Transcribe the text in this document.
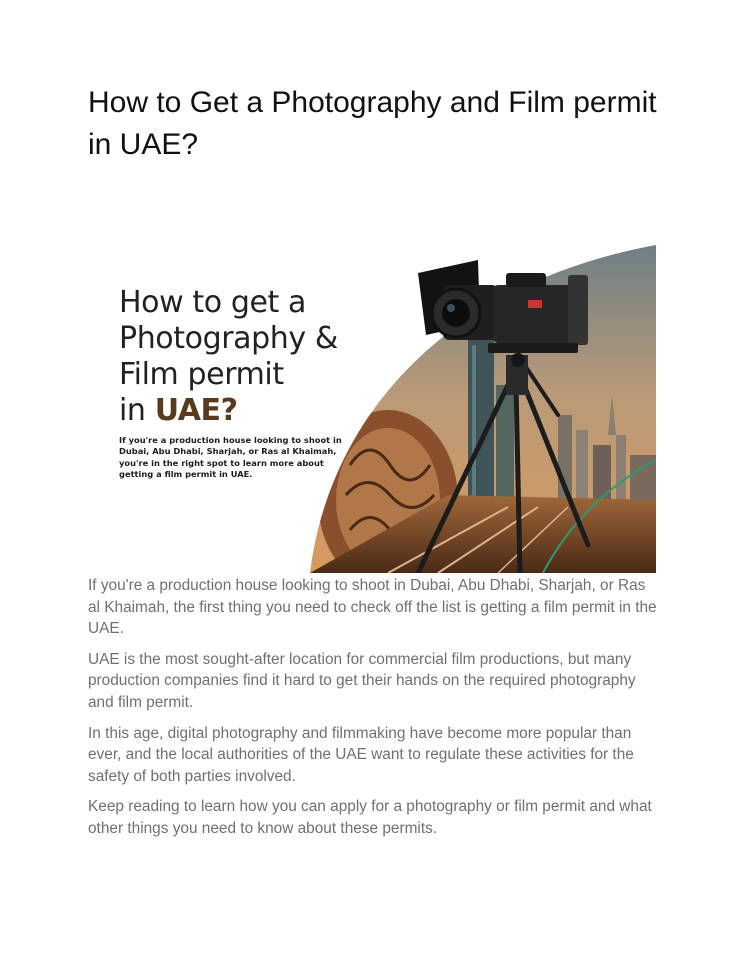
How to Get a Photography and Film permit in UAE?
How to get a
Photography &
Film permit
in UAE?

If you're a production house looking to shoot in Dubai, Abu Dhabi, Sharjah, or Ras al Khaimah, you're in the right spot to learn more about getting a film permit in UAE.

If you're a production house looking to shoot in Dubai, Abu Dhabi, Sharjah, or Ras al Khaimah, the first thing you need to check off the list is getting a film permit in the UAE.

UAE is the most sought-after location for commercial film productions, but many production companies find it hard to get their hands on the required photography and film permit.

In this age, digital photography and filmmaking have become more popular than ever, and the local authorities of the UAE want to regulate these activities for the safety of both parties involved.

Keep reading to learn how you can apply for a photography or film permit and what other things you need to know about these permits.
